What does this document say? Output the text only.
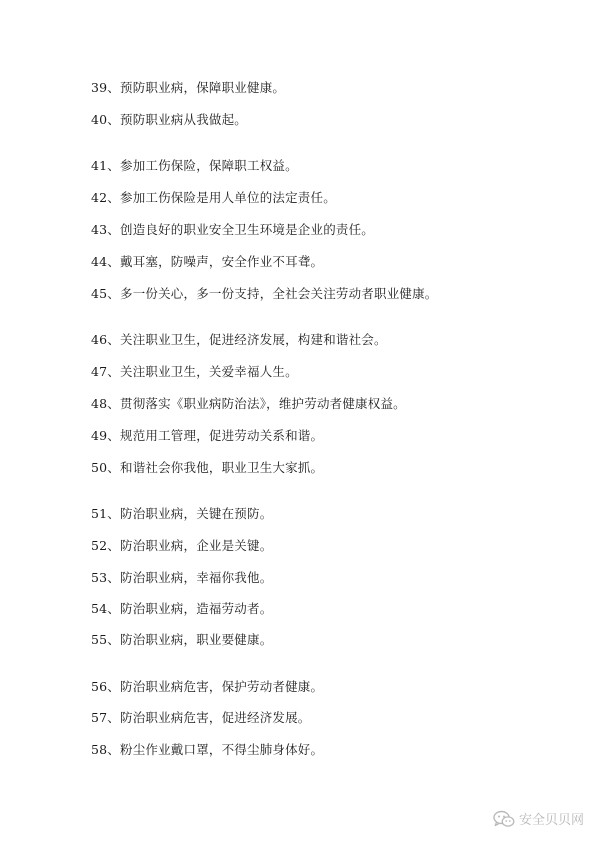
39、预防职业病，保障职业健康。
40、预防职业病从我做起。
41、参加工伤保险，保障职工权益。
42、参加工伤保险是用人单位的法定责任。
43、创造良好的职业安全卫生环境是企业的责任。
44、戴耳塞，防噪声，安全作业不耳聋。
45、多一份关心，多一份支持，全社会关注劳动者职业健康。
46、关注职业卫生，促进经济发展，构建和谐社会。
47、关注职业卫生，关爱幸福人生。
48、贯彻落实《职业病防治法》，维护劳动者健康权益。
49、规范用工管理，促进劳动关系和谐。
50、和谐社会你我他，职业卫生大家抓。
51、防治职业病，关键在预防。
52、防治职业病，企业是关键。
53、防治职业病，幸福你我他。
54、防治职业病，造福劳动者。
55、防治职业病，职业要健康。
56、防治职业病危害，保护劳动者健康。
57、防治职业病危害，促进经济发展。
58、粉尘作业戴口罩，不得尘肺身体好。
安全贝贝网
